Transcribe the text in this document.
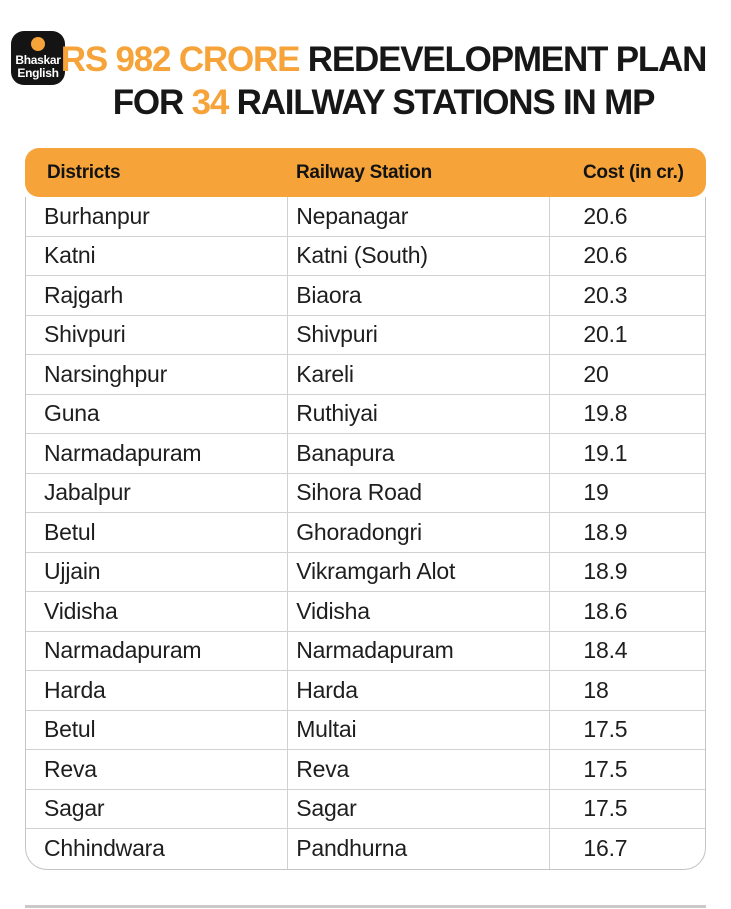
Bhaskar
English RS 982 CRORE REDEVELOPMENT PLAN
FOR 34 RAILWAY STATIONS IN MP
Districts	Railway Station	Cost (in cr.)
Burhanpur	Nepanagar	20.6
Katni	Katni (South)	20.6
Rajgarh	Biaora	20.3
Shivpuri	Shivpuri	20.1
Narsinghpur	Kareli	20
Guna	Ruthiyai	19.8
Narmadapuram	Banapura	19.1
Jabalpur	Sihora Road	19
Betul	Ghoradongri	18.9
Ujjain	Vikramgarh Alot	18.9
Vidisha	Vidisha	18.6
Narmadapuram	Narmadapuram	18.4
Harda	Harda	18
Betul	Multai	17.5
Reva	Reva	17.5
Sagar	Sagar	17.5
Chhindwara	Pandhurna	16.7
